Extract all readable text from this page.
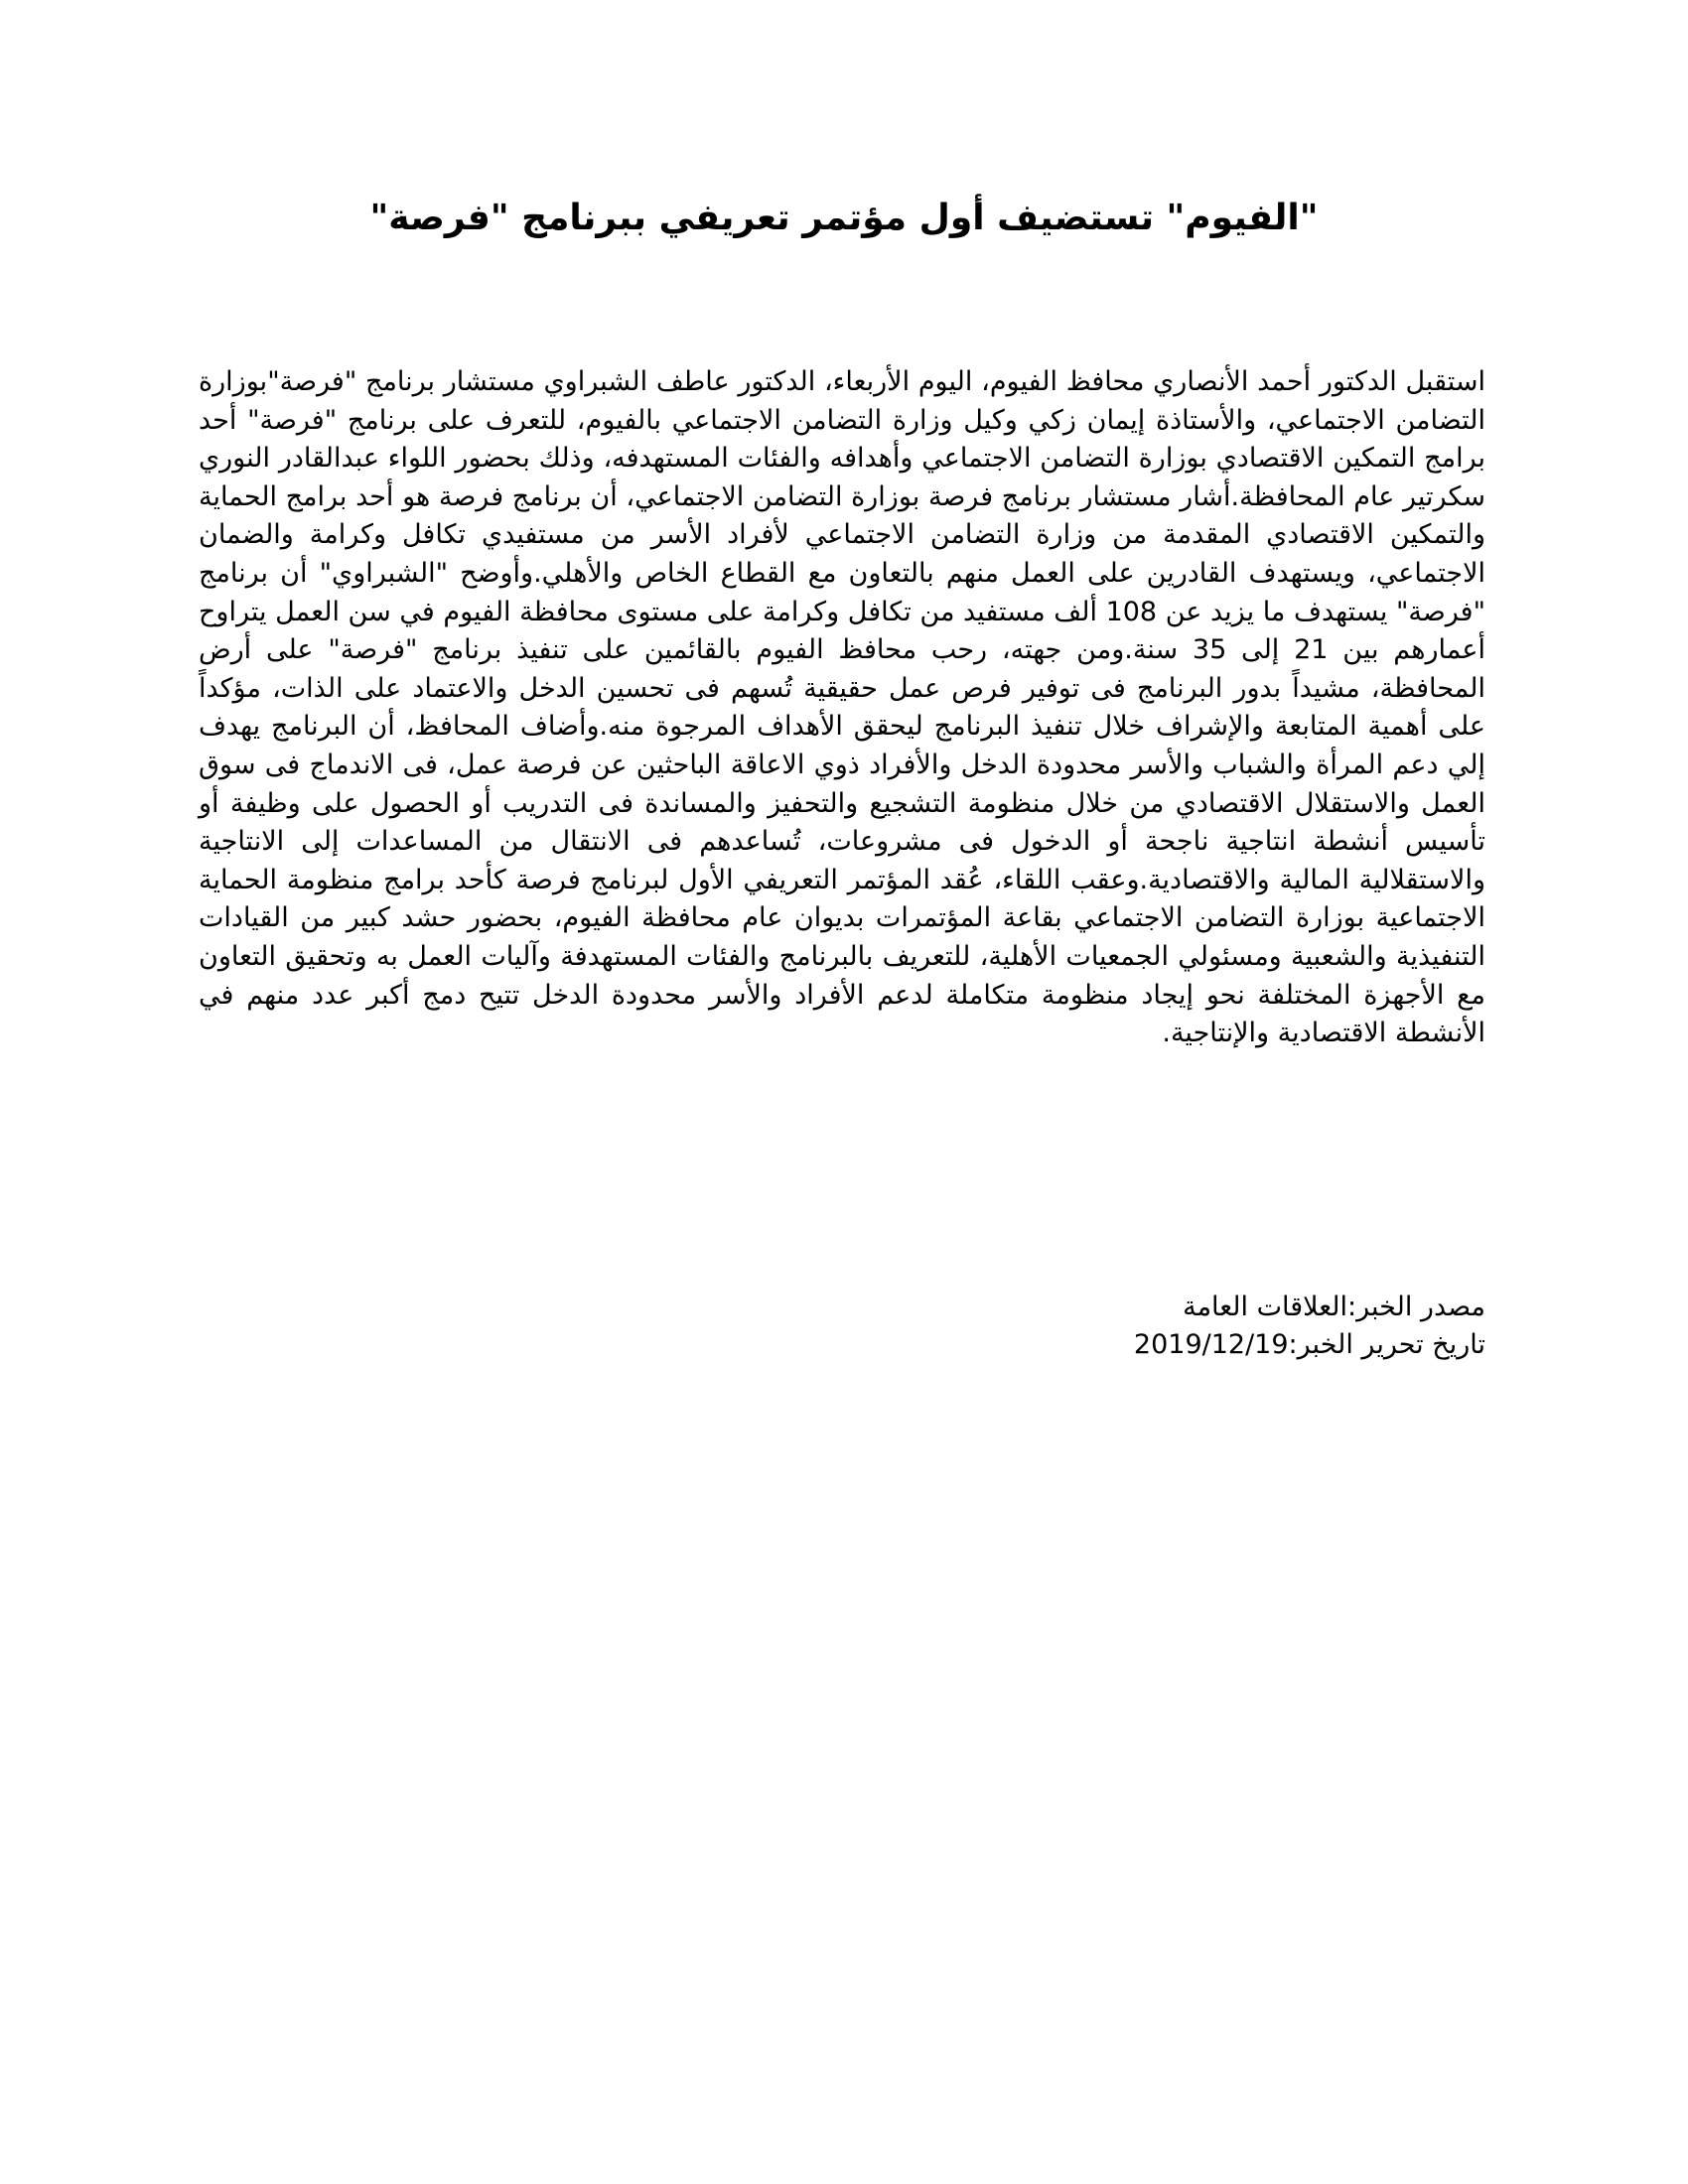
"الفيوم" تستضيف أول مؤتمر تعريفي ببرنامج "فرصة"

استقبل الدكتور أحمد الأنصاري محافظ الفيوم، اليوم الأربعاء، الدكتور عاطف الشبراوي مستشار برنامج "فرصة"بوزارة التضامن الاجتماعي، والأستاذة إيمان زكي وكيل وزارة التضامن الاجتماعي بالفيوم، للتعرف على برنامج "فرصة" أحد برامج التمكين الاقتصادي بوزارة التضامن الاجتماعي وأهدافه والفئات المستهدفه، وذلك بحضور اللواء عبدالقادر النوري سكرتير عام المحافظة.أشار مستشار برنامج فرصة بوزارة التضامن الاجتماعي، أن برنامج فرصة هو أحد برامج الحماية والتمكين الاقتصادي المقدمة من وزارة التضامن الاجتماعي لأفراد الأسر من مستفيدي تكافل وكرامة والضمان الاجتماعي، ويستهدف القادرين على العمل منهم بالتعاون مع القطاع الخاص والأهلي.وأوضح "الشبراوي" أن برنامج "فرصة" يستهدف ما يزيد عن 108 ألف مستفيد من تكافل وكرامة على مستوى محافظة الفيوم في سن العمل يتراوح أعمارهم بين 21 إلى 35 سنة.ومن جهته، رحب محافظ الفيوم بالقائمين على تنفيذ برنامج "فرصة" على أرض المحافظة، مشيداً بدور البرنامج فى توفير فرص عمل حقيقية تُسهم فى تحسين الدخل والاعتماد على الذات، مؤكداً على أهمية المتابعة والإشراف خلال تنفيذ البرنامج ليحقق الأهداف المرجوة منه.وأضاف المحافظ، أن البرنامج يهدف إلي دعم المرأة والشباب والأسر محدودة الدخل والأفراد ذوي الاعاقة الباحثين عن فرصة عمل، فى الاندماج فى سوق العمل والاستقلال الاقتصادي من خلال منظومة التشجيع والتحفيز والمساندة فى التدريب أو الحصول على وظيفة أو تأسيس أنشطة انتاجية ناجحة أو الدخول فى مشروعات، تُساعدهم فى الانتقال من المساعدات إلى الانتاجية والاستقلالية المالية والاقتصادية.وعقب اللقاء، عُقد المؤتمر التعريفي الأول لبرنامج فرصة كأحد برامج منظومة الحماية الاجتماعية بوزارة التضامن الاجتماعي بقاعة المؤتمرات بديوان عام محافظة الفيوم، بحضور حشد كبير من القيادات التنفيذية والشعبية ومسئولي الجمعيات الأهلية، للتعريف بالبرنامج والفئات المستهدفة وآليات العمل به وتحقيق التعاون مع الأجهزة المختلفة نحو إيجاد منظومة متكاملة لدعم الأفراد والأسر محدودة الدخل تتيح دمج أكبر عدد منهم في الأنشطة الاقتصادية والإنتاجية.

مصدر الخبر:العلاقات العامة
تاريخ تحرير الخبر:2019/12/19
